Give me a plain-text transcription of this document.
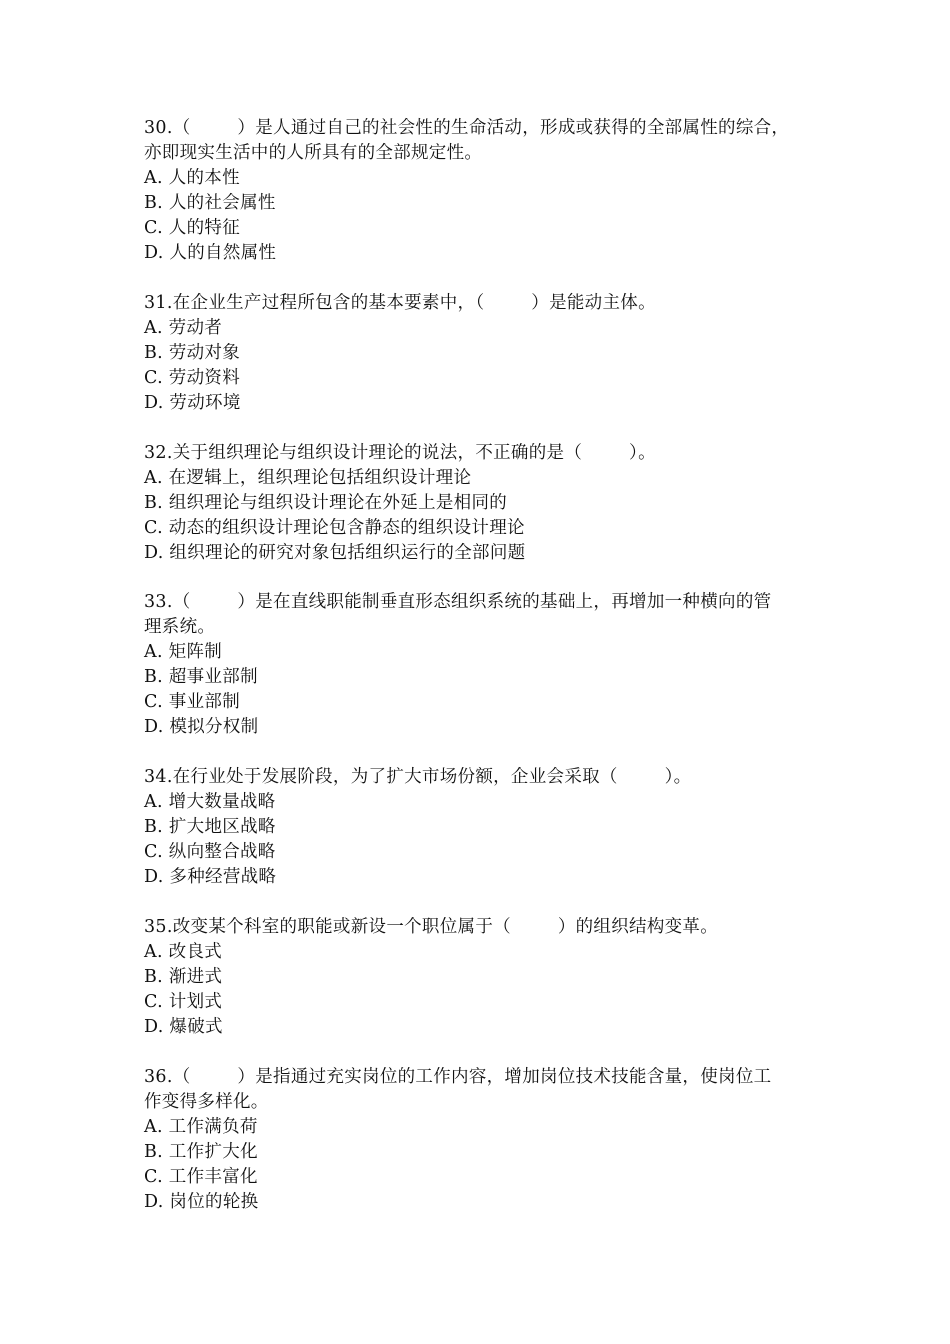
30.（        ）是人通过自己的社会性的生命活动，形成或获得的全部属性的综合，

亦即现实生活中的人所具有的全部规定性。

A. 人的本性

B. 人的社会属性

C. 人的特征

D. 人的自然属性

31.在企业生产过程所包含的基本要素中，（        ）是能动主体。

A. 劳动者

B. 劳动对象

C. 劳动资料

D. 劳动环境

32.关于组织理论与组织设计理论的说法，不正确的是（        ）。

A. 在逻辑上，组织理论包括组织设计理论

B. 组织理论与组织设计理论在外延上是相同的

C. 动态的组织设计理论包含静态的组织设计理论

D. 组织理论的研究对象包括组织运行的全部问题

33.（        ）是在直线职能制垂直形态组织系统的基础上，再增加一种横向的管

理系统。

A. 矩阵制

B. 超事业部制

C. 事业部制

D. 模拟分权制

34.在行业处于发展阶段，为了扩大市场份额，企业会采取（        ）。

A. 增大数量战略

B. 扩大地区战略

C. 纵向整合战略

D. 多种经营战略

35.改变某个科室的职能或新设一个职位属于（        ）的组织结构变革。

A. 改良式

B. 渐进式

C. 计划式

D. 爆破式

36.（        ）是指通过充实岗位的工作内容，增加岗位技术技能含量，使岗位工

作变得多样化。

A. 工作满负荷

B. 工作扩大化

C. 工作丰富化

D. 岗位的轮换
